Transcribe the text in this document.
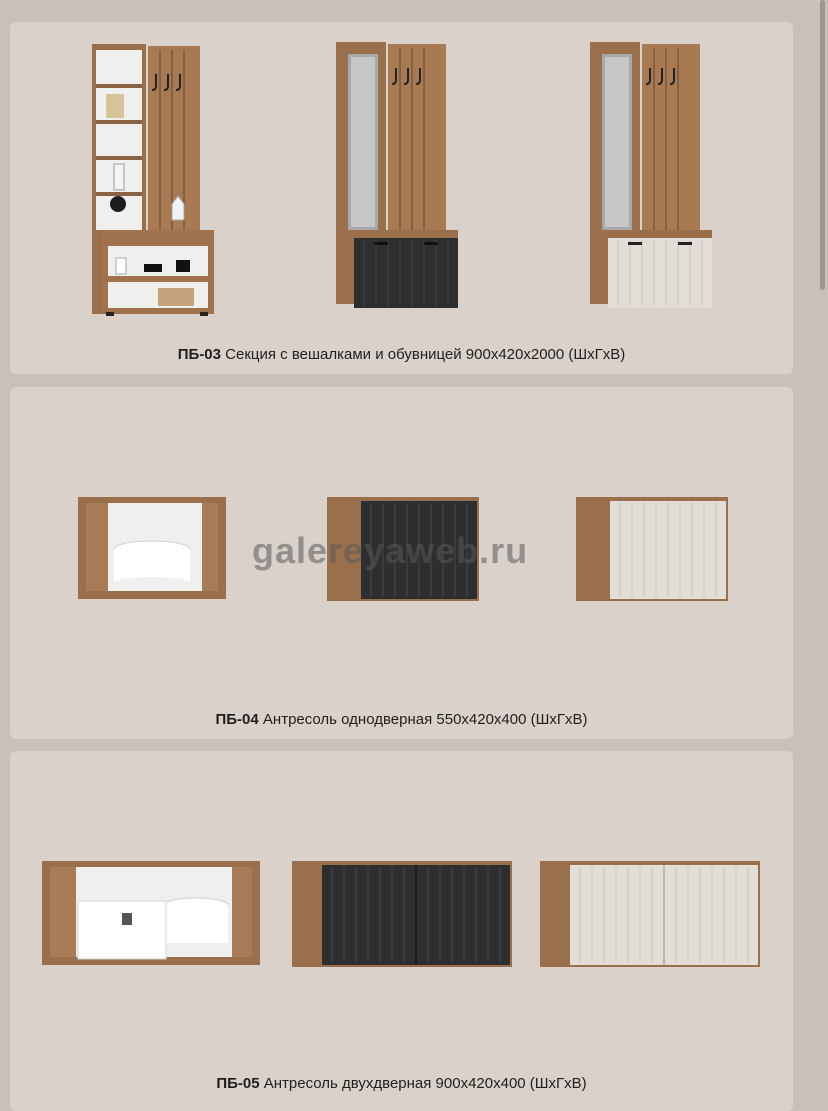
ПБ-03 Секция с вешалками и обувницей 900х420х2000 (ШхГхВ)
ПБ-04 Антресоль однодверная 550х420х400 (ШхГхВ)
ПБ-05 Антресоль двухдверная 900х420х400 (ШхГхВ)
galereyaweb.ru
